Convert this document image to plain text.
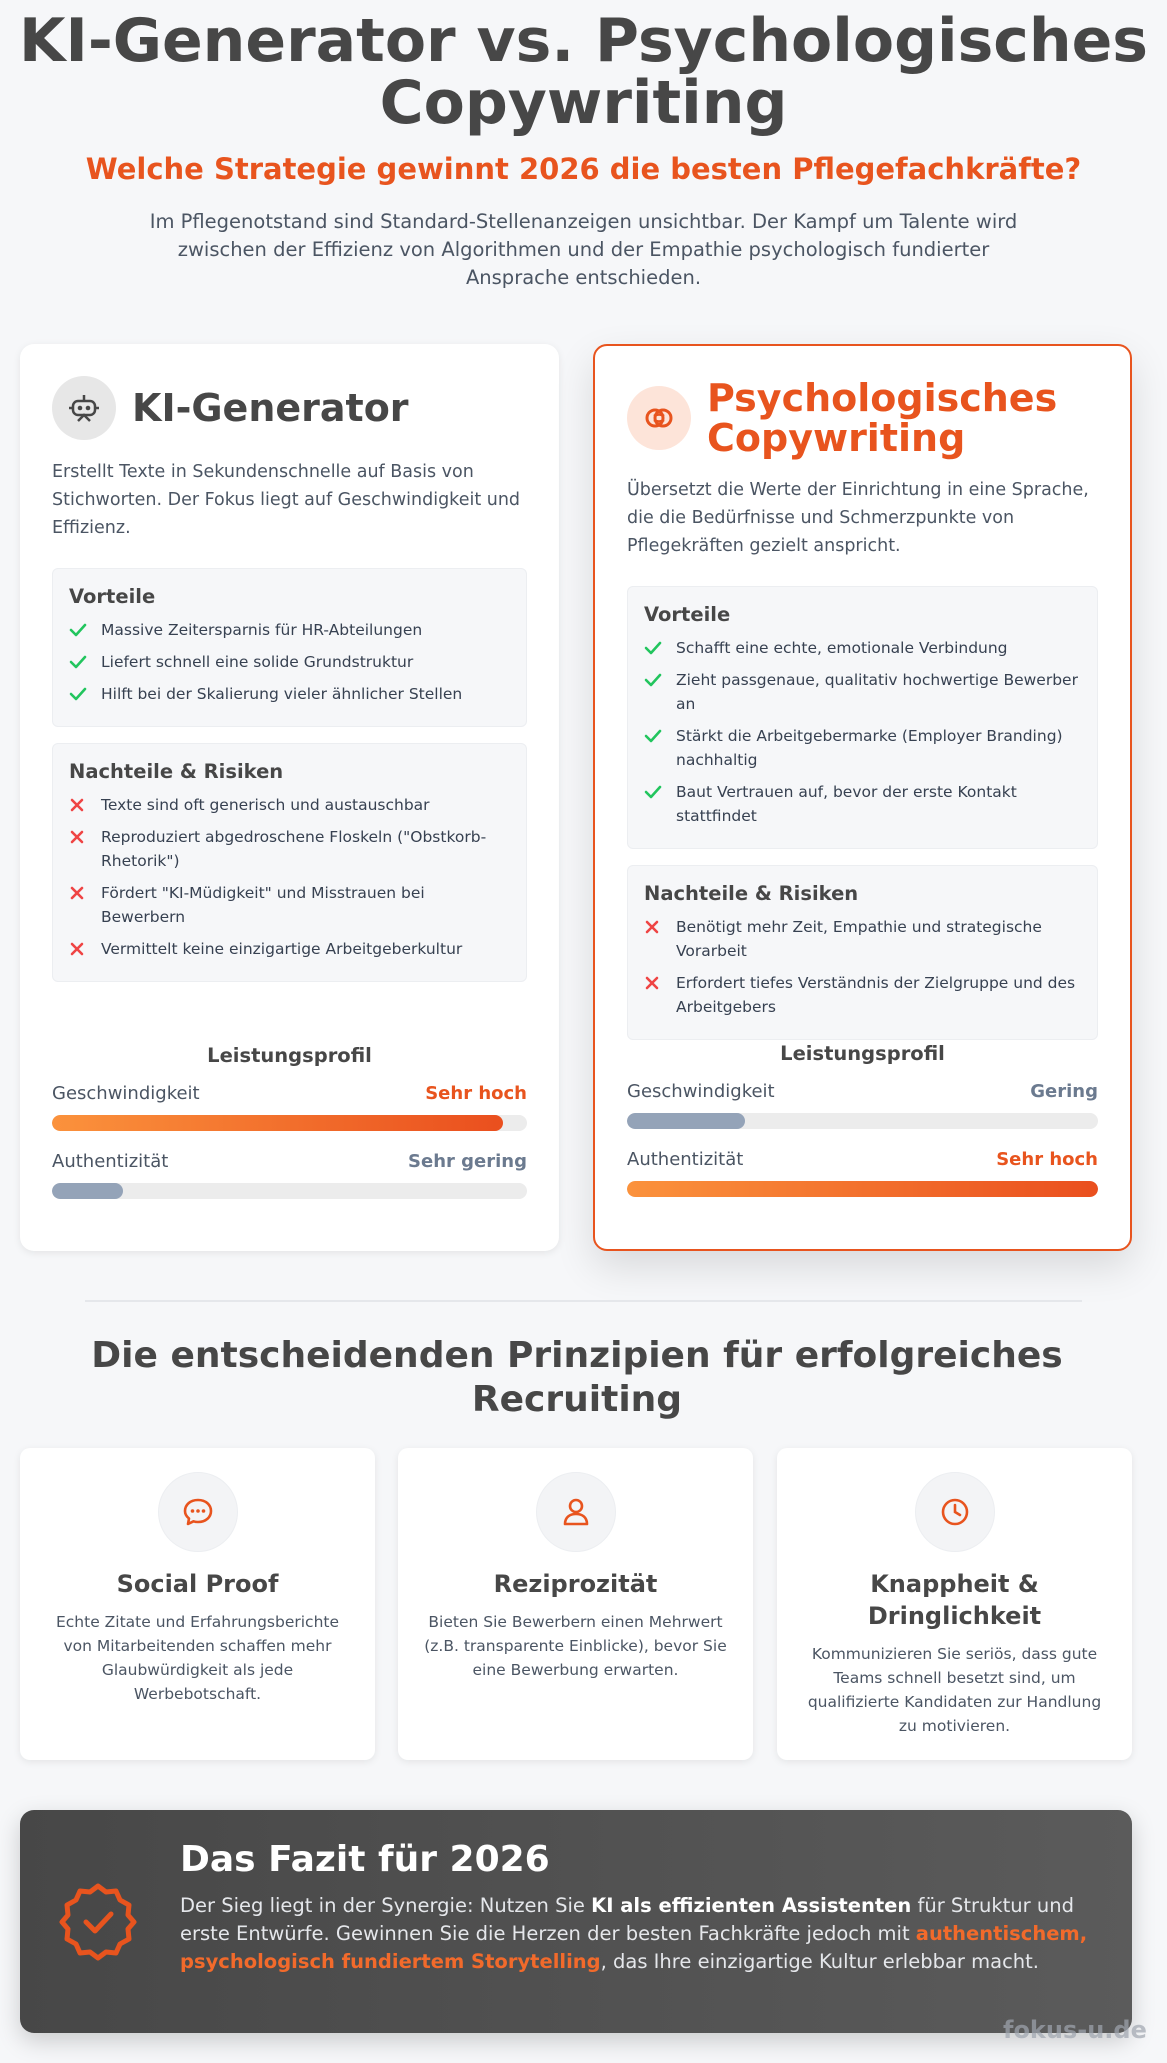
KI-Generator vs. Psychologisches Copywriting
Welche Strategie gewinnt 2026 die besten Pflegefachkräfte?

Im Pflegenotstand sind Standard-Stellenanzeigen unsichtbar. Der Kampf um Talente wird zwischen der Effizienz von Algorithmen und der Empathie psychologisch fundierter Ansprache entschieden.

KI-Generator

Erstellt Texte in Sekundenschnelle auf Basis von Stichworten. Der Fokus liegt auf Geschwindigkeit und Effizienz.

Vorteile
Massive Zeitersparnis für HR-Abteilungen
Liefert schnell eine solide Grundstruktur
Hilft bei der Skalierung vieler ähnlicher Stellen
Nachteile & Risiken
Texte sind oft generisch und austauschbar
Reproduziert abgedroschene Floskeln ("Obstkorb-Rhetorik")
Fördert "KI-Müdigkeit" und Misstrauen bei Bewerbern
Vermittelt keine einzigartige Arbeitgeberkultur
Leistungsprofil
Geschwindigkeit	Sehr hoch
Authentizität	Sehr gering
Psychologisches Copywriting

Übersetzt die Werte der Einrichtung in eine Sprache, die die Bedürfnisse und Schmerzpunkte von Pflegekräften gezielt anspricht.

Vorteile
Schafft eine echte, emotionale Verbindung
Zieht passgenaue, qualitativ hochwertige Bewerber an
Stärkt die Arbeitgebermarke (Employer Branding) nachhaltig
Baut Vertrauen auf, bevor der erste Kontakt stattfindet
Nachteile & Risiken
Benötigt mehr Zeit, Empathie und strategische Vorarbeit
Erfordert tiefes Verständnis der Zielgruppe und des Arbeitgebers
Leistungsprofil
Geschwindigkeit	Gering
Authentizität	Sehr hoch
Die entscheidenden Prinzipien für erfolgreiches Recruiting
Social Proof

Echte Zitate und Erfahrungsberichte von Mitarbeitenden schaffen mehr Glaubwürdigkeit als jede Werbebotschaft.

Reziprozität

Bieten Sie Bewerbern einen Mehrwert (z.B. transparente Einblicke), bevor Sie eine Bewerbung erwarten.

Knappheit & Dringlichkeit

Kommunizieren Sie seriös, dass gute Teams schnell besetzt sind, um qualifizierte Kandidaten zur Handlung zu motivieren.

Das Fazit für 2026

Der Sieg liegt in der Synergie: Nutzen Sie KI als effizienten Assistenten für Struktur und erste Entwürfe. Gewinnen Sie die Herzen der besten Fachkräfte jedoch mit authentischem, psychologisch fundiertem Storytelling, das Ihre einzigartige Kultur erlebbar macht.

fokus-u.de
